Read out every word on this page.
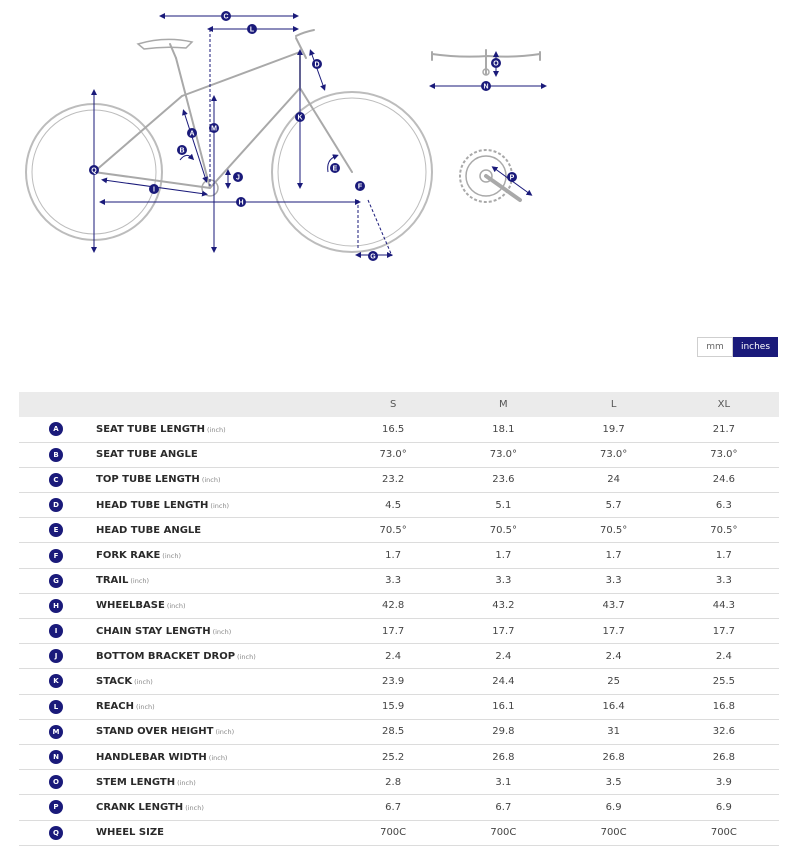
A
B
C
D
E
F
G
H
I
J
K
L
M
N
O
P
Q
mm	inches
		S	M	L	XL
A	SEAT TUBE LENGTH (inch)	16.5	18.1	19.7	21.7
B	SEAT TUBE ANGLE	73.0°	73.0°	73.0°	73.0°
C	TOP TUBE LENGTH (inch)	23.2	23.6	24	24.6
D	HEAD TUBE LENGTH (inch)	4.5	5.1	5.7	6.3
E	HEAD TUBE ANGLE	70.5°	70.5°	70.5°	70.5°
F	FORK RAKE (inch)	1.7	1.7	1.7	1.7
G	TRAIL (inch)	3.3	3.3	3.3	3.3
H	WHEELBASE (inch)	42.8	43.2	43.7	44.3
I	CHAIN STAY LENGTH (inch)	17.7	17.7	17.7	17.7
J	BOTTOM BRACKET DROP (inch)	2.4	2.4	2.4	2.4
K	STACK (inch)	23.9	24.4	25	25.5
L	REACH (inch)	15.9	16.1	16.4	16.8
M	STAND OVER HEIGHT (inch)	28.5	29.8	31	32.6
N	HANDLEBAR WIDTH (inch)	25.2	26.8	26.8	26.8
O	STEM LENGTH (inch)	2.8	3.1	3.5	3.9
P	CRANK LENGTH (inch)	6.7	6.7	6.9	6.9
Q	WHEEL SIZE	700C	700C	700C	700C
